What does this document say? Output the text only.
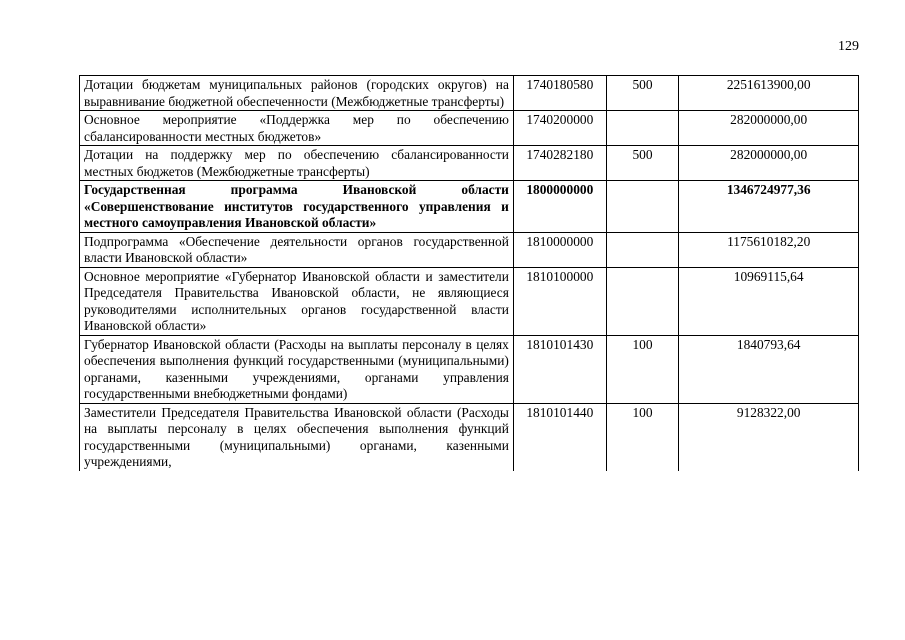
129
Дотации бюджетам муниципальных районов (городских округов) на выравнивание бюджетной обеспеченности (Межбюджетные трансферты)	1740180580	500	2251613900,00
Основное мероприятие «Поддержка мер по обеспечению сбалансированности местных бюджетов»	1740200000		282000000,00
Дотации на поддержку мер по обеспечению сбалансированности местных бюджетов (Межбюджетные трансферты)	1740282180	500	282000000,00
Государственная программа Ивановской области «Совершенствование институтов государственного управления и местного самоуправления Ивановской области»	1800000000		1346724977,36
Подпрограмма «Обеспечение деятельности органов государственной власти Ивановской области»	1810000000		1175610182,20
Основное мероприятие «Губернатор Ивановской области и заместители Председателя Правительства Ивановской области, не являющиеся руководителями исполнительных органов государственной власти Ивановской области»	1810100000		10969115,64
Губернатор Ивановской области (Расходы на выплаты персоналу в целях обеспечения выполнения функций государственными (муниципальными) органами, казенными учреждениями, органами управления государственными внебюджетными фондами)	1810101430	100	1840793,64
Заместители Председателя Правительства Ивановской области (Расходы на выплаты персоналу в целях обеспечения выполнения функций государственными (муниципальными) органами, казенными учреждениями,	1810101440	100	9128322,00
